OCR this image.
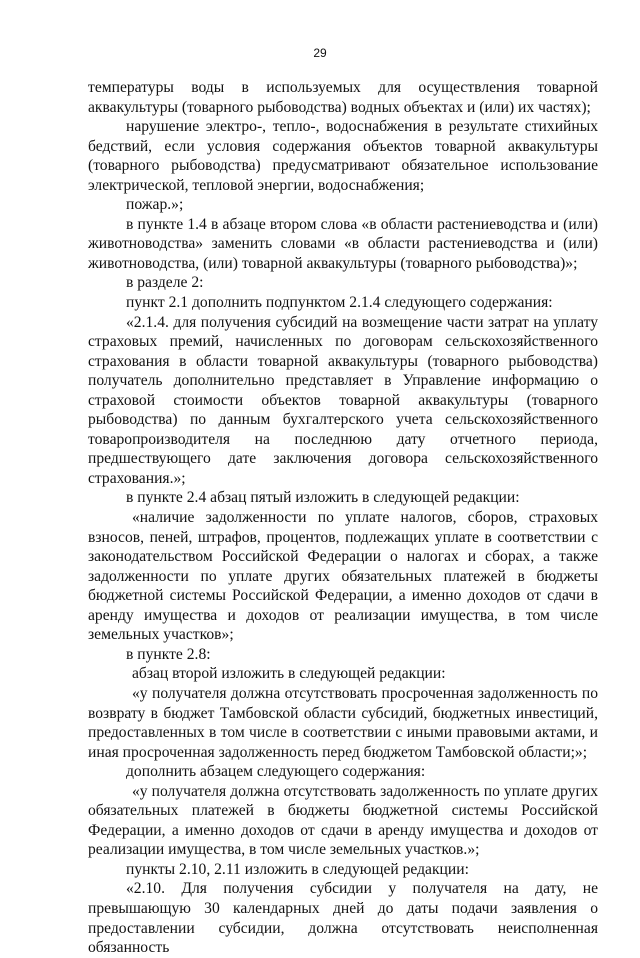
29

температуры воды в используемых для осуществления товарной аквакультуры (товарного рыбоводства) водных объектах и (или) их частях);

нарушение электро-, тепло-, водоснабжения в результате стихийных бедствий, если условия содержания объектов товарной аквакультуры (товарного рыбоводства) предусматривают обязательное использование электрической, тепловой энергии, водоснабжения;

пожар.»;

в пункте 1.4 в абзаце втором слова «в области растениеводства и (или) животноводства» заменить словами «в области растениеводства и (или) животноводства, (или) товарной аквакультуры (товарного рыбоводства)»;

в разделе 2:

пункт 2.1 дополнить подпунктом 2.1.4 следующего содержания:

«2.1.4. для получения субсидий на возмещение части затрат на уплату страховых премий, начисленных по договорам сельскохозяйственного страхования в области товарной аквакультуры (товарного рыбоводства) получатель дополнительно представляет в Управление информацию о страховой стоимости объектов товарной аквакультуры (товарного рыбоводства) по данным бухгалтерского учета сельскохозяйственного товаропроизводителя на последнюю дату отчетного периода, предшествующего дате заключения договора сельскохозяйственного страхования.»;

в пункте 2.4 абзац пятый изложить в следующей редакции:

«наличие задолженности по уплате налогов, сборов, страховых взносов, пеней, штрафов, процентов, подлежащих уплате в соответствии с законодательством Российской Федерации о налогах и сборах, а также задолженности по уплате других обязательных платежей в бюджеты бюджетной системы Российской Федерации, а именно доходов от сдачи в аренду имущества и доходов от реализации имущества, в том числе земельных участков»;

в пункте 2.8:

абзац второй изложить в следующей редакции:

«у получателя должна отсутствовать просроченная задолженность по возврату в бюджет Тамбовской области субсидий, бюджетных инвестиций, предоставленных в том числе в соответствии с иными правовыми актами, и иная просроченная задолженность перед бюджетом Тамбовской области;»;

дополнить абзацем следующего содержания:

«у получателя должна отсутствовать задолженность по уплате других обязательных платежей в бюджеты бюджетной системы Российской Федерации, а именно доходов от сдачи в аренду имущества и доходов от реализации имущества, в том числе земельных участков.»;

пункты 2.10, 2.11 изложить в следующей редакции:

«2.10. Для получения субсидии у получателя на дату, не превышающую 30 календарных дней до даты подачи заявления о предоставлении субсидии, должна отсутствовать неисполненная обязанность
